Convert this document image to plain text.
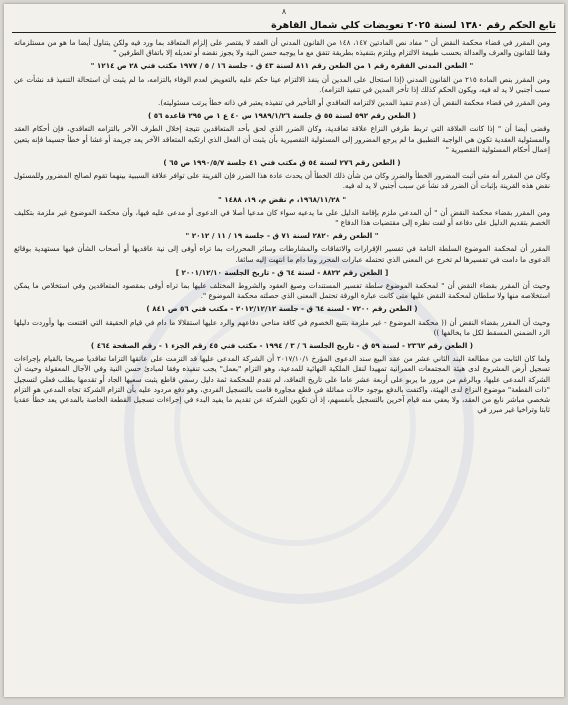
٨
تابع الحكم رقم ١٣٨٠ لسنة ٢٠٢٥ تعويضات كلي شمال القاهرة

ومن المقرر في قضاء محكمة النقض أن " مفاد نص المادتين ١٤٧، ١٤٨ من القانون المدني أن العقد لا يقتصر على إلزام المتعاقد بما ورد فيه ولكن يتناول أيضا ما هو من مستلزماته وفقا للقانون والعرف والعدالة بحسب طبيعة الالتزام ويلتزم بتنفيذه بطريقة تتفق مع ما يوجبه حسن النية ولا يجوز نقضه أو تعديله إلا باتفاق الطرفين "

" الطعن المدني الفقرة رقم ١ من الطعن رقم ٨١١ لسنة ٤٣ ق - جلسة ١٦ / ٥ / ١٩٧٧ مكتب فني ٢٨ ص ١٢١٤ "

ومن المقرر بنص المادة ٢١٥ من القانون المدني (إذا استحال على المدين أن ينفذ الالتزام عينا حكم عليه بالتعويض لعدم الوفاء بالتزامه، ما لم يثبت أن استحالة التنفيذ قد نشأت عن سبب أجنبي لا يد له فيه، ويكون الحكم كذلك إذا تأخر المدين في تنفيذ التزامه).

ومن المقرر في قضاء محكمة النقض أن (عدم تنفيذ المدين لالتزامه التعاقدي أو التأخير في تنفيذه يعتبر في ذاته خطأ يرتب مسئوليته).

( الطعن رقم ٥٩٢ لسنة ٥٥ ق جلسة ١٩٨٩/١/٢٦ س ٤٠ ع ١ ص ٢٩٥ قاعدة ٥٦ )

وقضى أيضا أن " إذا كانت العلاقة التي تربط طرفي النزاع علاقة تعاقدية، وكان الضرر الذي لحق بأحد المتعاقدين نتيجة إخلال الطرف الآخر بالتزامه التعاقدي، فإن أحكام العقد والمسئولية العقدية تكون هي الواجبة التطبيق ما لم يرجع المضرور إلى المسئولية التقصيرية بأن يثبت أن الفعل الذي ارتكبه المتعاقد الآخر يعد جريمة أو غشا أو خطأ جسيما فإنه يتعين إعمال أحكام المسئولية التقصيرية "

( الطعن رقم ٢٧٦ لسنة ٥٤ ق مكتب فني ٤١ جلسة ١٩٩٠/٥/٧ ص ٦٥ )

وكان من المقرر أنه متى أثبت المضرور الخطأ والضرر وكان من شأن ذلك الخطأ أن يحدث عادة هذا الضرر فإن القرينة على توافر علاقة السببية بينهما تقوم لصالح المضرور وللمسئول نقض هذه القرينة بإثبات أن الضرر قد نشأ عن سبب أجنبي لا يد له فيه.

" ١٩٦٨/١١/٢٨، م نقض م، ١٩، ١٤٨٨ "

ومن المقرر بقضاء محكمة النقض أن " أن المدعي ملزم بإقامة الدليل على ما يدعيه سواء كان مدعيا أصلا في الدعوى أو مدعى عليه فيها، وأن محكمة الموضوع غير ملزمة بتكليف الخصم بتقديم الدليل على دفاعه أو لفت نظره إلى مقتضيات هذا الدفاع "

" الطعن رقم ٢٨٢٠ لسنة ٧١ ق - جلسة ١٩ / ١١ / ٢٠١٢ "

المقرر أن لمحكمة الموضوع السلطة التامة في تفسير الإقرارات والاتفاقات والمشارطات وسائر المحررات بما تراه أوفى إلى نية عاقديها أو أصحاب الشأن فيها مستهدية بوقائع الدعوى ما دامت في تفسيرها لم تخرج عن المعنى الذي تحتمله عبارات المحرر وما دام ما انتهت إليه سائغا.

[ الطعن رقم ٨٨٢٢ - لسنة ٦٤ ق - تاريخ الجلسة ٢٠٠١/١٢/١٠ ]

وحيث أن المقرر بقضاء النقض أن " لمحكمة الموضوع سلطة تفسير المستندات وصيغ العقود والشروط المختلف عليها بما تراه أوفى بمقصود المتعاقدين وفي استخلاص ما يمكن استخلاصه منها ولا سلطان لمحكمة النقض عليها متى كانت عبارة الورقة تحتمل المعنى الذي حصلته محكمة الموضوع ".

( الطعن رقم ٧٢٠٠ - لسنة ٦٤ ق - جلسة ٢٠١٢/١٢/١٢ - مكتب فني ٥٦ ص ٨٤١ )

وحيث أن المقرر بقضاء النقض أن (( محكمة الموضوع - غير ملزمة بتتبع الخصوم في كافة مناحي دفاعهم والرد عليها استقلالا ما دام في قيام الحقيقة التي اقتنعت بها وأوردت دليلها الرد الضمني المسقط لكل ما يخالفها ))

( الطعن رقم ٢٣٦٢ - لسنة ٥٩ ق - تاريخ الجلسة ٦ / ٣ / ١٩٩٤ - مكتب فني ٤٥ رقم الجزء ١ - رقم الصفحة ٤٦٤ )

ولما كان الثابت من مطالعة البند الثاني عشر من عقد البيع سند الدعوى المؤرخ ٢٠١٧/١٠/١ أن الشركة المدعى عليها قد التزمت على عاتقها التزاما تعاقديا صريحا بالقيام بإجراءات تسجيل أرض المشروع لدى هيئة المجتمعات العمرانية تمهيدا لنقل الملكية النهائية للمدعية، وهو التزام "بعمل" يجب تنفيذه وفقا لمبادئ حسن النية وفي الآجال المعقولة وحيث أن الشركة المدعى عليها، وبالرغم من مرور ما يربو على أربعة عشر عاما على تاريخ التعاقد، لم تقدم للمحكمة ثمة دليل رسمي قاطع يثبت سعيها الجاد أو تقدمها بطلب فعلي لتسجيل "ذات القطعة" موضوع النزاع لدى الهيئة، واكتفت بالدفع بوجود حالات مماثلة في قطع مجاورة قامت بالتسجيل الفردي، وهو دفع مردود عليه بأن التزام الشركة تجاه المدعي هو التزام شخصي مباشر نابع من العقد، ولا يعفي منه قيام آخرين بالتسجيل بأنفسهم، إذ أن تكوين الشركة عن تقديم ما يفيد البدء في إجراءات تسجيل القطعة الخاصة بالمدعي يعد خطأ عقديا ثابتا وتراخيا غير مبرر في
